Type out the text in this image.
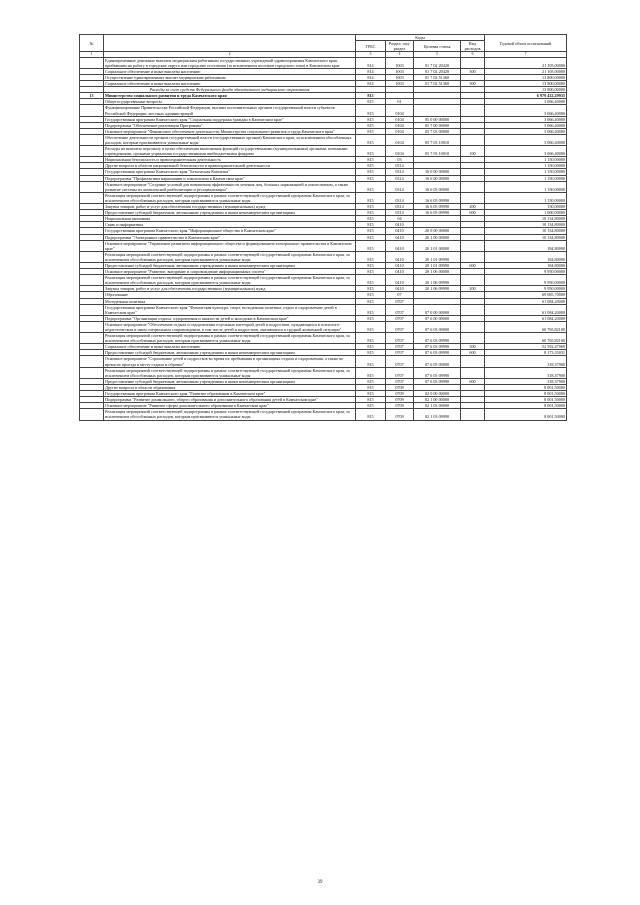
№		Коды				Годовой объем ассигнований
		ГРБС	Раздел, под- раздел	Целевая статья	Вид расходов	
1	2	3	4	5	6	7
	Единовременные денежные выплаты медицинским работникам государственных учреждений здравоохранения Камчатского края, прибывшим на работу в городские округа или городские поселения (за исключением поселков городского типа) в Камчатском крае	814	1003	01 7 02 20420		21 105,00000
	Социальное обеспечение и иные выплаты населению	814	1003	01 7 02 20420	300	21 105,00000
	Осуществление единовременных выплат медицинским работникам	814	1003	01 7 02 51360		13 800,00000
	Социальное обеспечение и иные выплаты населению	814	1003	01 7 02 51360	300	13 800,00000
	Расходы за счет средств Федерального фонда обязательного медицинского страхования					13 800,00000
13	Министерство социального развития и труда Камчатского края	815				6 979 432,29935
	Общегосударственные вопросы	815	01			3 066,40000
	Функционирование Правительства Российской Федерации, высших исполнительных органов государственной власти субъектов Российской Федерации, местных администраций	815	0104			3 066,40000
	Государственная программа Камчатского края "Социальная поддержка граждан в Камчатском крае"	815	0104	05 0 00 00000		3 066,40000
	Подпрограмма "Обеспечение реализации Программы"	815	0104	05 7 00 00000		3 066,40000
	Основное мероприятие "Финансовое обеспечение деятельности Министерства социального развития и труда Камчатского края"	815	0104	05 7 03 00000		3 066,40000
	Обеспечение деятельности органов государственной власти (государственных органов) Камчатского края, за исключением обособленных расходов, которым присваиваются уникальные коды	815	0104	05 7 03 10010		3 066,40000
	Расходы на выплаты персоналу в целях обеспечения выполнения функций государственными (муниципальными) органами, казенными учреждениями, органами управления государственными внебюджетными фондами	815	0104	05 7 03 10010	100	3 066,40000
	Национальная безопасность и правоохранительная деятельность	815	03			1 150,00000
	Другие вопросы в области национальной безопасности и правоохранительной деятельности	815	0314			1 150,00000
	Государственная программа Камчатского края "Безопасная Камчатка"	815	0314	16 0 00 00000		1 150,00000
	Подпрограмма "Профилактика наркомании и алкоголизма в Камчатском крае"	815	0314	16 6 00 00000		1 150,00000
	Основное мероприятие "Создание условий для повышения эффективности лечения лиц, больных наркоманией и алкоголизмом, а также развитие системы их комплексной реабилитации и ресоциализации"	815	0314	16 6 05 00000		1 150,00000
	Реализация мероприятий соответствующей подпрограммы в рамках соответствующей государственной программы Камчатского края, за исключением обособленных расходов, которым присваиваются уникальные коды	815	0314	16 6 05 09990		1 150,00000
	Закупка товаров, работ и услуг для обеспечения государственных (муниципальных) нужд	815	0314	16 6 05 09990	200	150,00000
	Предоставление субсидий бюджетным, автономным учреждениям и иным некоммерческим организациям	815	0314	16 6 05 09990	600	1 000,00000
	Национальная экономика	815	04			10 134,80000
	Связь и информатика	815	0410			10 134,80000
	Государственная программа Камчатского края "Информационное общество в Камчатском крае"	815	0410	20 0 00 00000		10 134,80000
	Подпрограмма "Электронное правительство в Камчатском крае"	815	0410	20 1 00 00000		10 134,80000
	Основное мероприятие "Управление развитием информационного общества и формированием электронного правительства в Камчатском крае"	815	0410	20 1 01 00000		184,80000
	Реализация мероприятий соответствующей подпрограммы в рамках соответствующей государственной программы Камчатского края, за исключением обособленных расходов, которым присваиваются уникальные коды	815	0410	20 1 01 09990		184,80000
	Предоставление субсидий бюджетным, автономным учреждениям и иным некоммерческим организациям	815	0410	20 1 01 09990	600	184,80000
	Основное мероприятие "Развитие, внедрение и сопровождение информационных систем"	815	0410	20 1 06 00000		9 950,00000
	Реализация мероприятий соответствующей подпрограммы в рамках соответствующей государственной программы Камчатского края, за исключением обособленных расходов, которым присваиваются уникальные коды	815	0410	20 1 06 09990		9 950,00000
	Закупка товаров, работ и услуг для обеспечения государственных (муниципальных) нужд	815	0410	20 1 06 09990	200	9 950,00000
	Образование	815	07			69 085,70000
	Молодежная политика	815	0707			61 084,20000
	Государственная программа Камчатского края "Физическая культура, спорт, молодежная политика, отдых и оздоровление детей в Камчатском крае"	815	0707	07 0 00 00000		61 084,20000
	Подпрограмма "Организация отдыха, оздоровления и занятости детей и молодежи в Камчатском крае"	815	0707	07 6 00 00000		61 084,20000
	Основное мероприятие "Обеспечение отдыха и оздоровления отдельных категорий детей и подростков, нуждающихся в психолого-педагогическом и ином специальном сопровождении, в том числе детей и подростков, оказавшихся в трудной жизненной ситуации"	815	0707	07 6 03 00000		60 765,82100
	Реализация мероприятий соответствующей подпрограммы в рамках соответствующей государственной программы Камчатского края, за исключением обособленных расходов, которым присваиваются уникальные коды	815	0707	07 6 03 09990		60 765,82100
	Социальное обеспечение и иные выплаты населению	815	0707	07 6 03 09990	300	52 592,47069
	Предоставление субсидий бюджетным, автономным учреждениям и иным некоммерческим организациям	815	0707	07 6 03 09990	600	8 173,35031
	Основное мероприятие "Страхование детей и подростков во время их пребывания в организациях отдыха и оздоровления, а также во время их проезда к месту отдыха и обратно"	815	0707	07 6 05 00000		318,37900
	Реализация мероприятий соответствующей подпрограммы в рамках соответствующей государственной программы Камчатского края, за исключением обособленных расходов, которым присваиваются уникальные коды	815	0707	07 6 05 09990		318,37900
	Предоставление субсидий бюджетным, автономным учреждениям и иным некоммерческим организациям	815	0707	07 6 05 09990	600	318,37900
	Другие вопросы в области образования	815	0709			8 001,50000
	Государственная программа Камчатского края "Развитие образования в Камчатском крае"	815	0709	02 0 00 00000		8 001,50000
	Подпрограмма "Развитие дошкольного, общего образования и дополнительного образования детей в Камчатском крае"	815	0709	02 1 00 00000		8 001,50000
	Основное мероприятие "Развитие сферы дополнительного образования в Камчатском крае"	815	0709	02 1 03 00000		8 001,50000
	Реализация мероприятий соответствующей подпрограммы в рамках соответствующей государственной программы Камчатского края, за исключением обособленных расходов, которым присваиваются уникальные коды	815	0709	02 1 03 09990		8 001,50000
39
